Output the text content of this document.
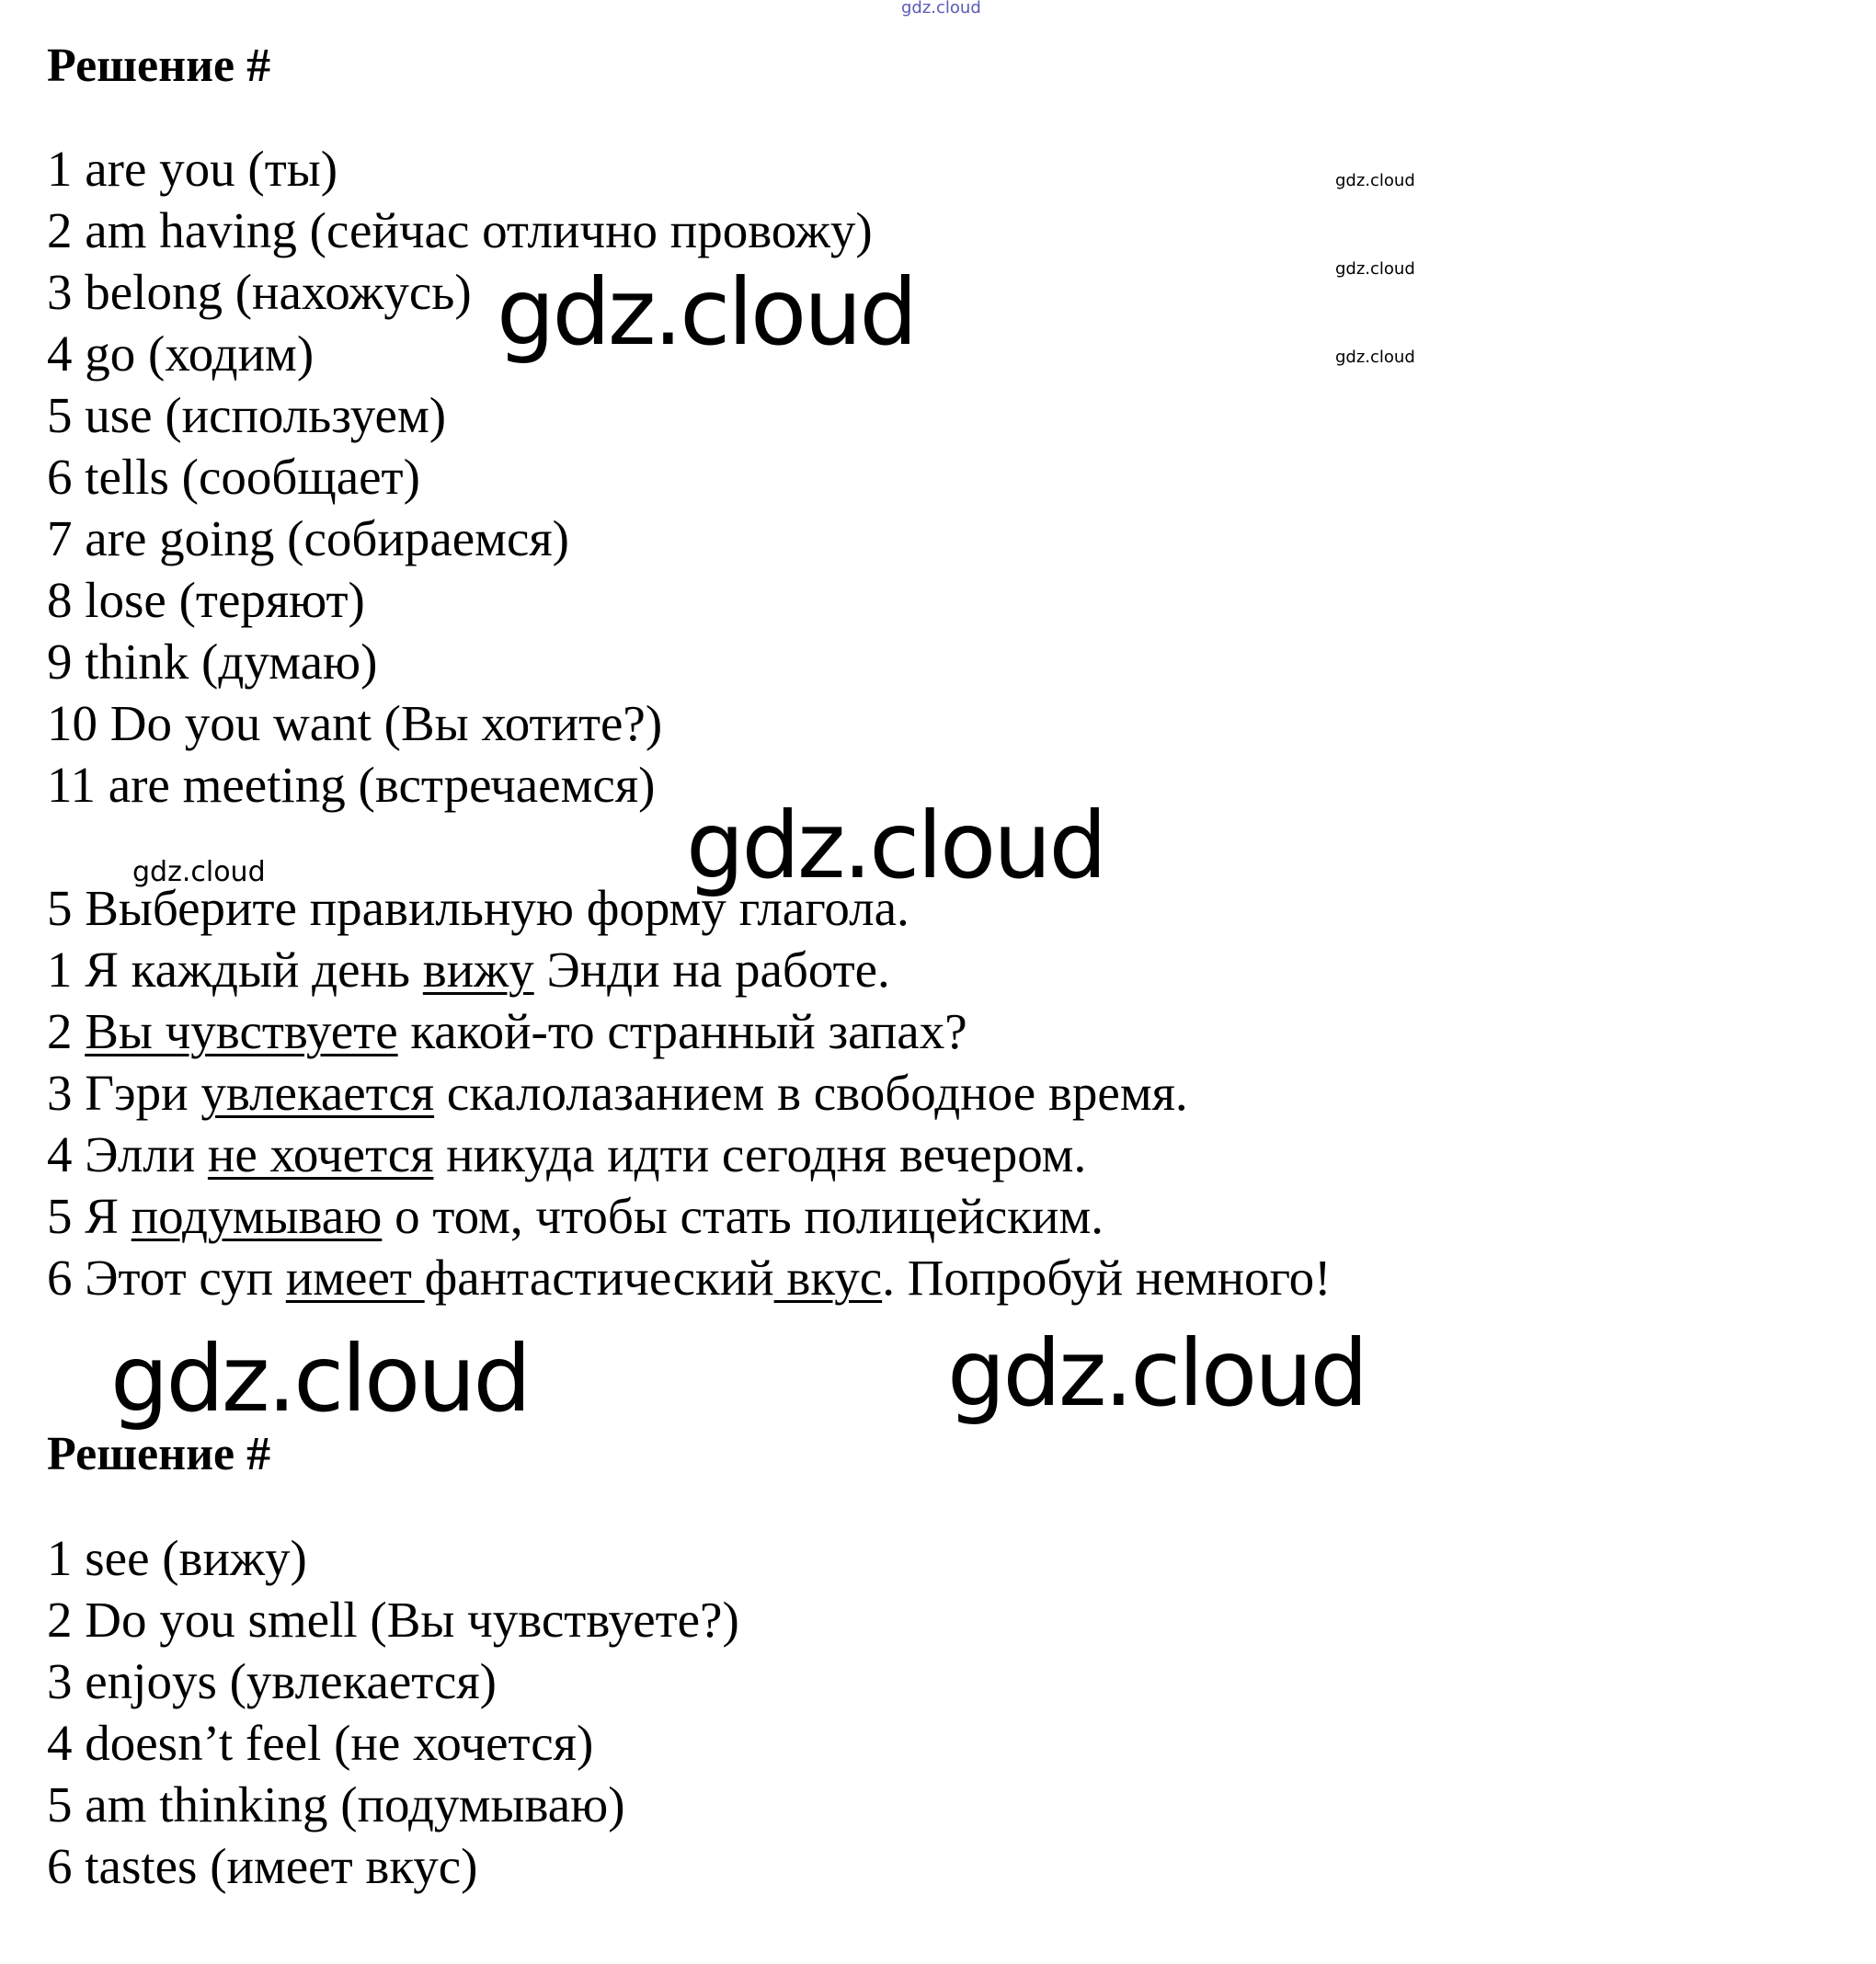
gdz.cloud
Решение #
1 are you (ты)
2 am having (сейчас отлично провожу)
3 belong (нахожусь)
4 go (ходим)
5 use (используем)
6 tells (сообщает)
7 are going (собираемся)
8 lose (теряют)
9 think (думаю)
10 Do you want (Вы хотите?)
11 are meeting (встречаемся)
gdz.cloud
gdz.cloud
gdz.cloud
gdz.cloud
gdz.cloud
gdz.cloud
5 Выберите правильную форму глагола.
1 Я каждый день вижу Энди на работе.
2 Вы чувствуете какой-то странный запах?
3 Гэри увлекается скалолазанием в свободное время.
4 Элли не хочется никуда идти сегодня вечером.
5 Я подумываю о том, чтобы стать полицейским.
6 Этот суп имеет фантастический вкус. Попробуй немного!
gdz.cloud	gdz.cloud
Решение #
1 see (вижу)
2 Do you smell (Вы чувствуете?)
3 enjoys (увлекается)
4 doesn’t feel (не хочется)
5 am thinking (подумываю)
6 tastes (имеет вкус)
